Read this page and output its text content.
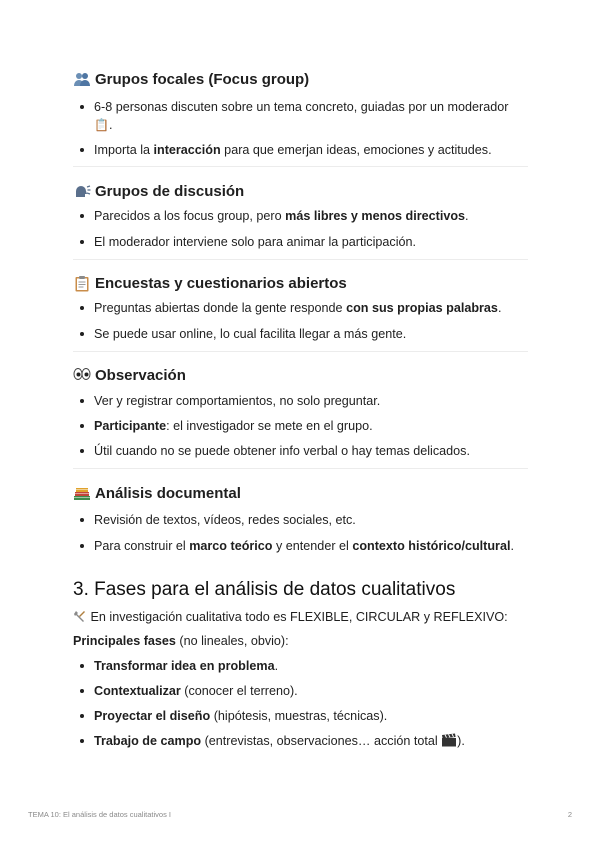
Grupos focales (Focus group)
6-8 personas discuten sobre un tema concreto, guiadas por un moderador 📋.
Importa la interacción para que emerjan ideas, emociones y actitudes.
Grupos de discusión
Parecidos a los focus group, pero más libres y menos directivos.
El moderador interviene solo para animar la participación.
Encuestas y cuestionarios abiertos
Preguntas abiertas donde la gente responde con sus propias palabras.
Se puede usar online, lo cual facilita llegar a más gente.
Observación
Ver y registrar comportamientos, no solo preguntar.
Participante: el investigador se mete en el grupo.
Útil cuando no se puede obtener info verbal o hay temas delicados.
Análisis documental
Revisión de textos, vídeos, redes sociales, etc.
Para construir el marco teórico y entender el contexto histórico/cultural.
3. Fases para el análisis de datos cualitativos
En investigación cualitativa todo es FLEXIBLE, CIRCULAR y REFLEXIVO:
Principales fases (no lineales, obvio):
Transformar idea en problema.
Contextualizar (conocer el terreno).
Proyectar el diseño (hipótesis, muestras, técnicas).
Trabajo de campo (entrevistas, observaciones… acción total ).
TEMA 10: El análisis de datos cualitativos I	2
